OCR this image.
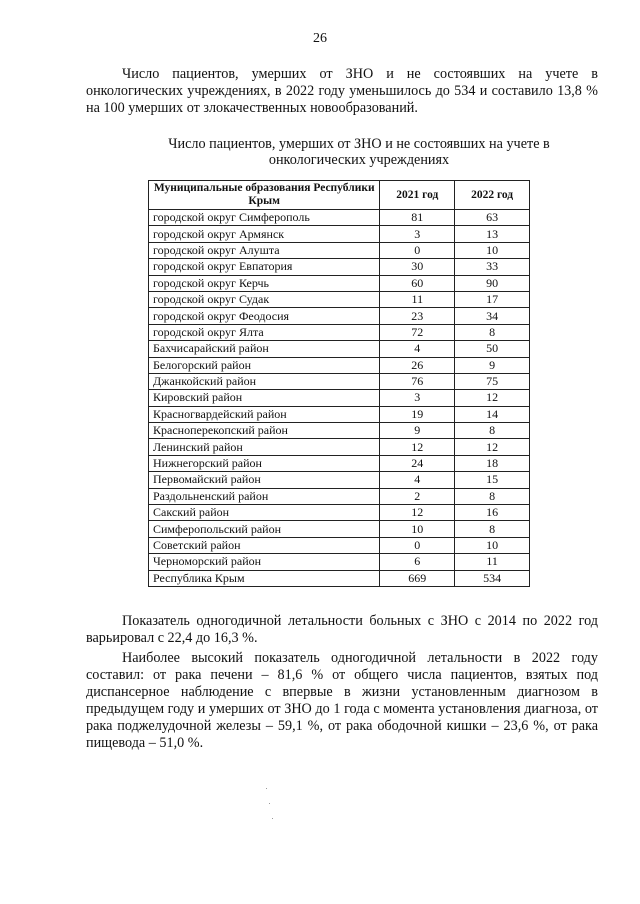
26

Число пациентов, умерших от ЗНО и не состоявших на учете в онкологических учреждениях, в 2022 году уменьшилось до 534 и составило 13,8 % на 100 умерших от злокачественных новообразований.

Число пациентов, умерших от ЗНО и не состоявших на учете в онкологических учреждениях
Муниципальные образования Республики Крым	2021 год	2022 год
городской округ Симферополь	81	63
городской округ Армянск	3	13
городской округ Алушта	0	10
городской округ Евпатория	30	33
городской округ Керчь	60	90
городской округ Судак	11	17
городской округ Феодосия	23	34
городской округ Ялта	72	8
Бахчисарайский район	4	50
Белогорский район	26	9
Джанкойский район	76	75
Кировский район	3	12
Красногвардейский район	19	14
Красноперекопский район	9	8
Ленинский район	12	12
Нижнегорский район	24	18
Первомайский район	4	15
Раздольненский район	2	8
Сакский район	12	16
Симферопольский район	10	8
Советский район	0	10
Черноморский район	6	11
Республика Крым	669	534

Показатель одногодичной летальности больных с ЗНО с 2014 по 2022 год варьировал с 22,4 до 16,3 %.

Наиболее высокий показатель одногодичной летальности в 2022 году составил: от рака печени – 81,6 % от общего числа пациентов, взятых под диспансерное наблюдение с впервые в жизни установленным диагнозом в предыдущем году и умерших от ЗНО до 1 года с момента установления диагноза, от рака поджелудочной железы – 59,1 %, от рака ободочной кишки – 23,6 %, от рака пищевода – 51,0 %.
